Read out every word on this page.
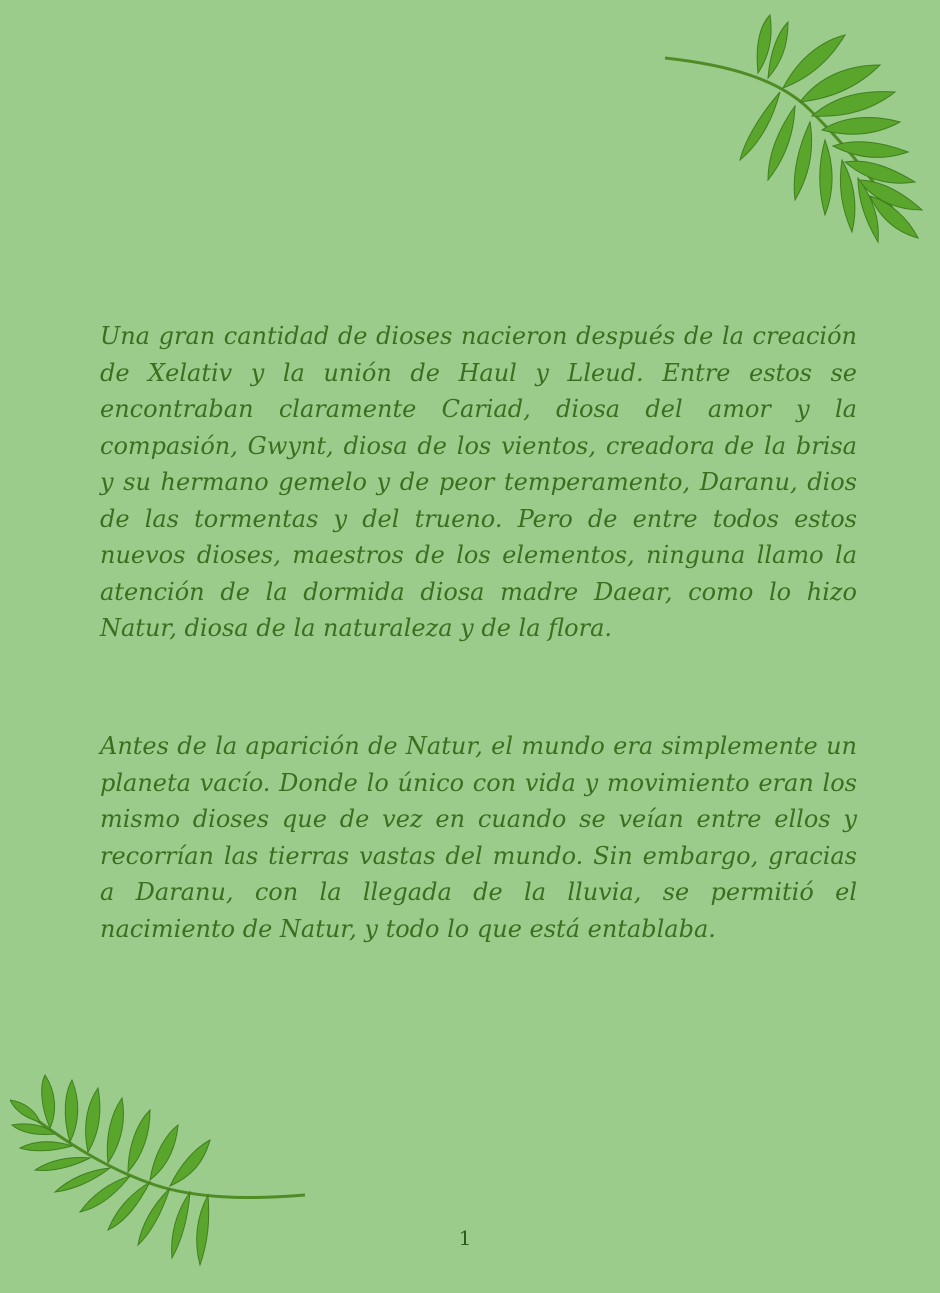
Una gran cantidad de dioses nacieron después de la creación de Xelativ y la unión de Haul y Lleud. Entre estos se encontraban claramente Cariad, diosa del amor y la compasión, Gwynt, diosa de los vientos, creadora de la brisa y su hermano gemelo y de peor temperamento, Daranu, dios de las tormentas y del trueno. Pero de entre todos estos nuevos dioses, maestros de los elementos, ninguna llamo la atención de la dormida diosa madre Daear, como lo hizo Natur, diosa de la naturaleza y de la flora.

Antes de la aparición de Natur, el mundo era simplemente un planeta vacío. Donde lo único con vida y movimiento eran los mismo dioses que de vez en cuando se veían entre ellos y recorrían las tierras vastas del mundo. Sin embargo, gracias a Daranu, con la llegada de la lluvia, se permitió el nacimiento de Natur, y todo lo que está entablaba.

1
